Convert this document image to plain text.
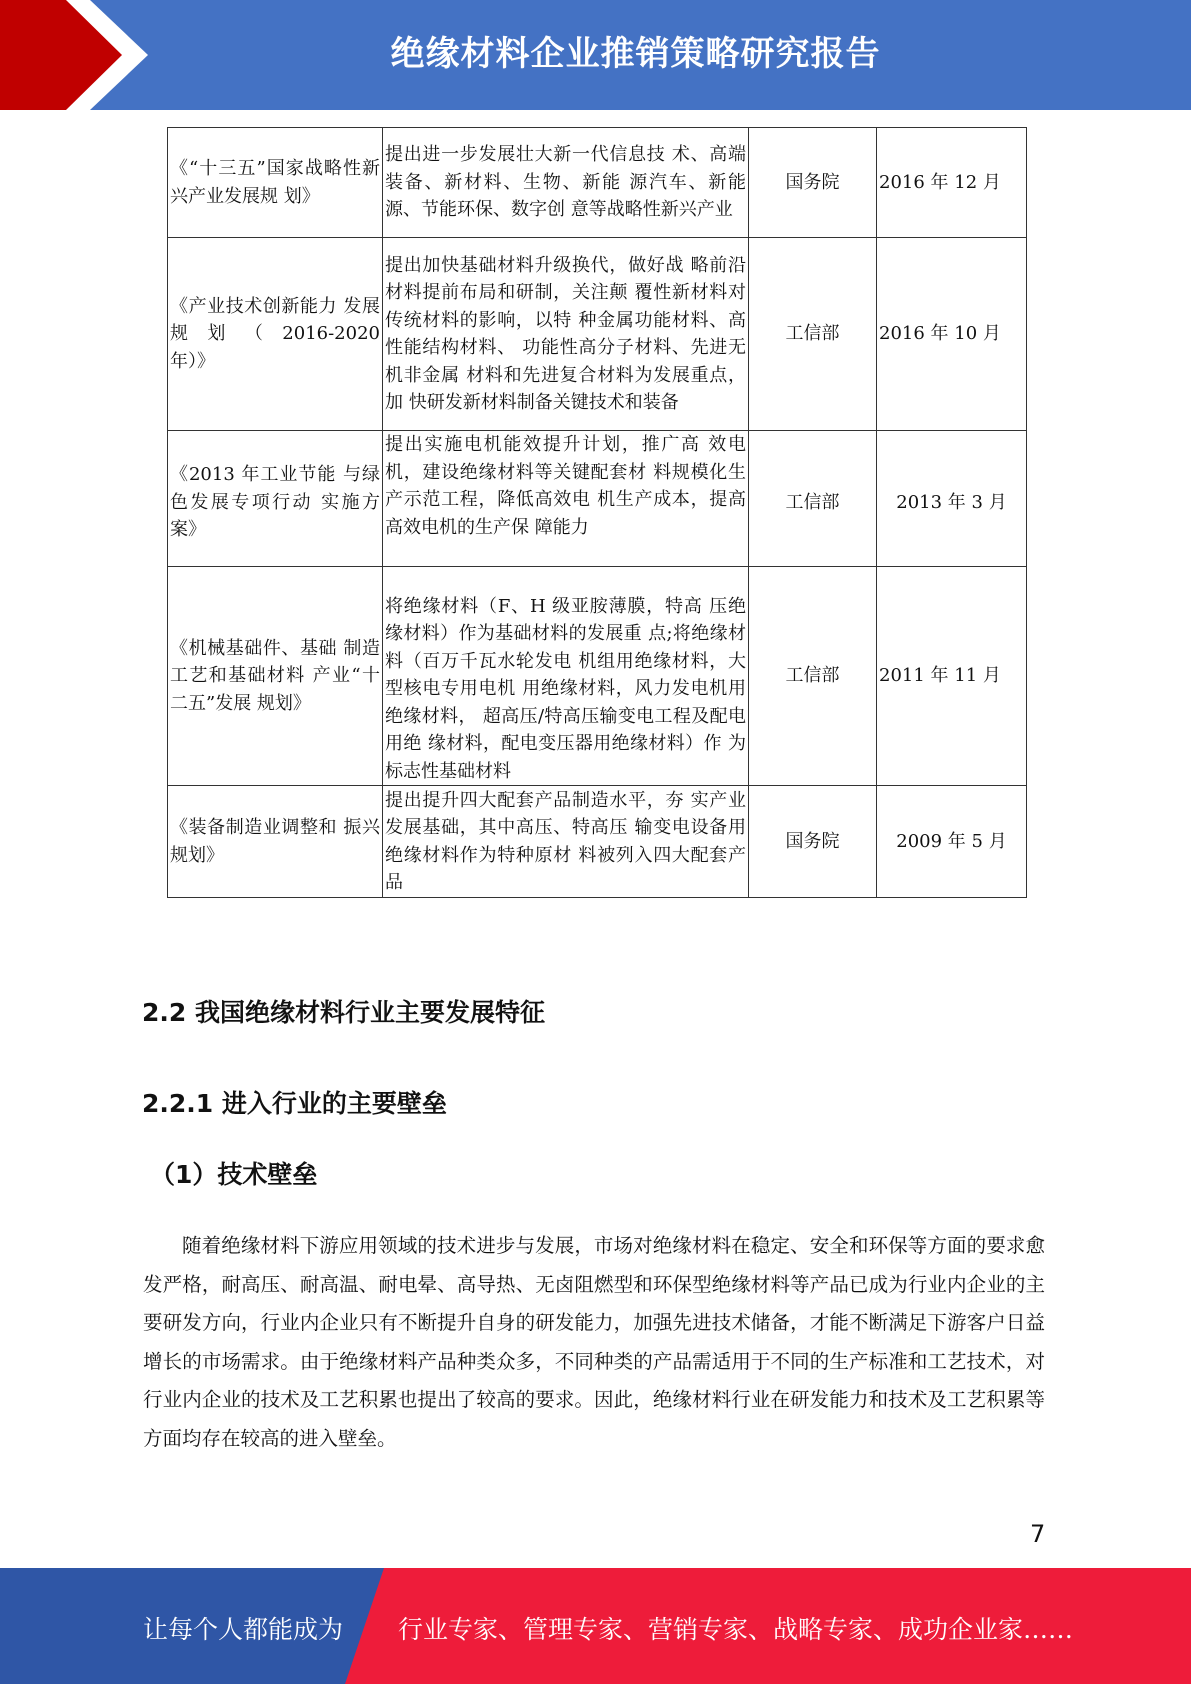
绝缘材料企业推销策略研究报告
《“十三五”国家战略性新兴产业发展规 划》	提出进一步发展壮大新一代信息技 术、高端装备、新材料、生物、新能 源汽车、新能源、节能环保、数字创 意等战略性新兴产业	国务院	2016 年 12 月
《产业技术创新能力 发展 规 划 （ 2016-2020 年）》	提出加快基础材料升级换代，做好战 略前沿材料提前布局和研制，关注颠 覆性新材料对传统材料的影响，以特 种金属功能材料、高性能结构材料、 功能性高分子材料、先进无机非金属 材料和先进复合材料为发展重点，加 快研发新材料制备关键技术和装备	工信部	2016 年 10 月
《2013 年工业节能 与绿色发展专项行动 实施方案》	提出实施电机能效提升计划，推广高 效电机，建设绝缘材料等关键配套材 料规模化生产示范工程，降低高效电 机生产成本，提高高效电机的生产保 障能力	工信部	2013 年 3 月
《机械基础件、基础 制造工艺和基础材料 产业“十二五”发展 规划》	将绝缘材料（F、H 级亚胺薄膜，特高 压绝缘材料）作为基础材料的发展重 点;将绝缘材料（百万千瓦水轮发电 机组用绝缘材料，大型核电专用电机 用绝缘材料，风力发电机用绝缘材料， 超高压/特高压输变电工程及配电用绝 缘材料，配电变压器用绝缘材料）作 为标志性基础材料	工信部	2011 年 11 月
《装备制造业调整和 振兴规划》	提出提升四大配套产品制造水平，夯 实产业发展基础，其中高压、特高压 输变电设备用绝缘材料作为特种原材 料被列入四大配套产品	国务院	2009 年 5 月
2.2 我国绝缘材料行业主要发展特征
2.2.1 进入行业的主要壁垒
（1）技术壁垒
随着绝缘材料下游应用领域的技术进步与发展，市场对绝缘材料在稳定、安全和环保等方面的要求愈发严格，耐高压、耐高温、耐电晕、高导热、无卤阻燃型和环保型绝缘材料等产品已成为行业内企业的主要研发方向，行业内企业只有不断提升自身的研发能力，加强先进技术储备，才能不断满足下游客户日益增长的市场需求。由于绝缘材料产品种类众多，不同种类的产品需适用于不同的生产标准和工艺技术，对行业内企业的技术及工艺积累也提出了较高的要求。因此，绝缘材料行业在研发能力和技术及工艺积累等方面均存在较高的进入壁垒。
7
让每个人都能成为 行业专家、管理专家、营销专家、战略专家、成功企业家……
